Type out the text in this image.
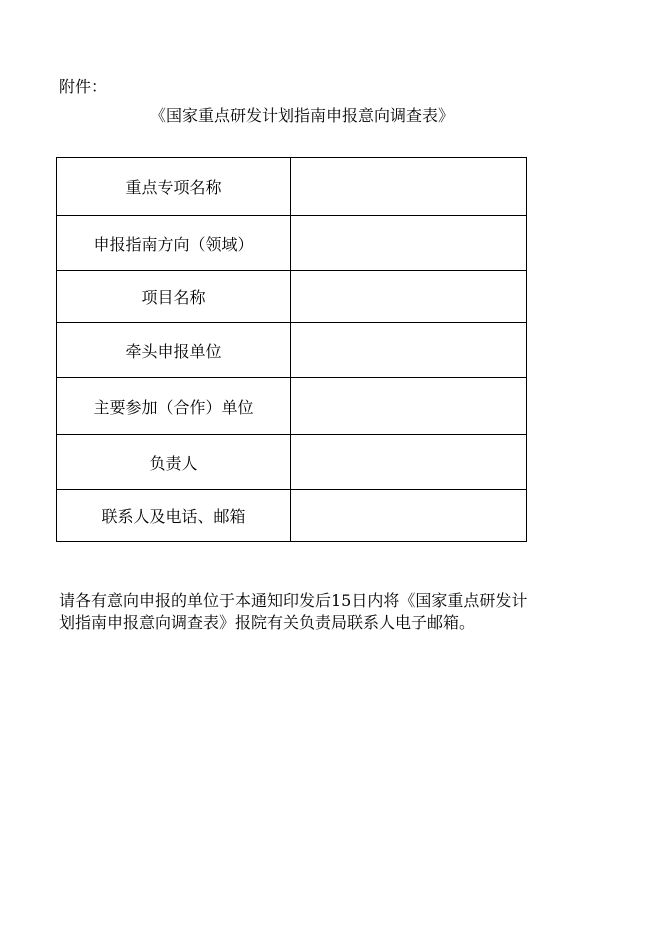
附件：
《国家重点研发计划指南申报意向调查表》
重点专项名称	
申报指南方向（领域）	
项目名称	
牵头申报单位	
主要参加（合作）单位	
负责人	
联系人及电话、邮箱	
请各有意向申报的单位于本通知印发后15日内将《国家重点研发计划指南申报意向调查表》报院有关负责局联系人电子邮箱。
